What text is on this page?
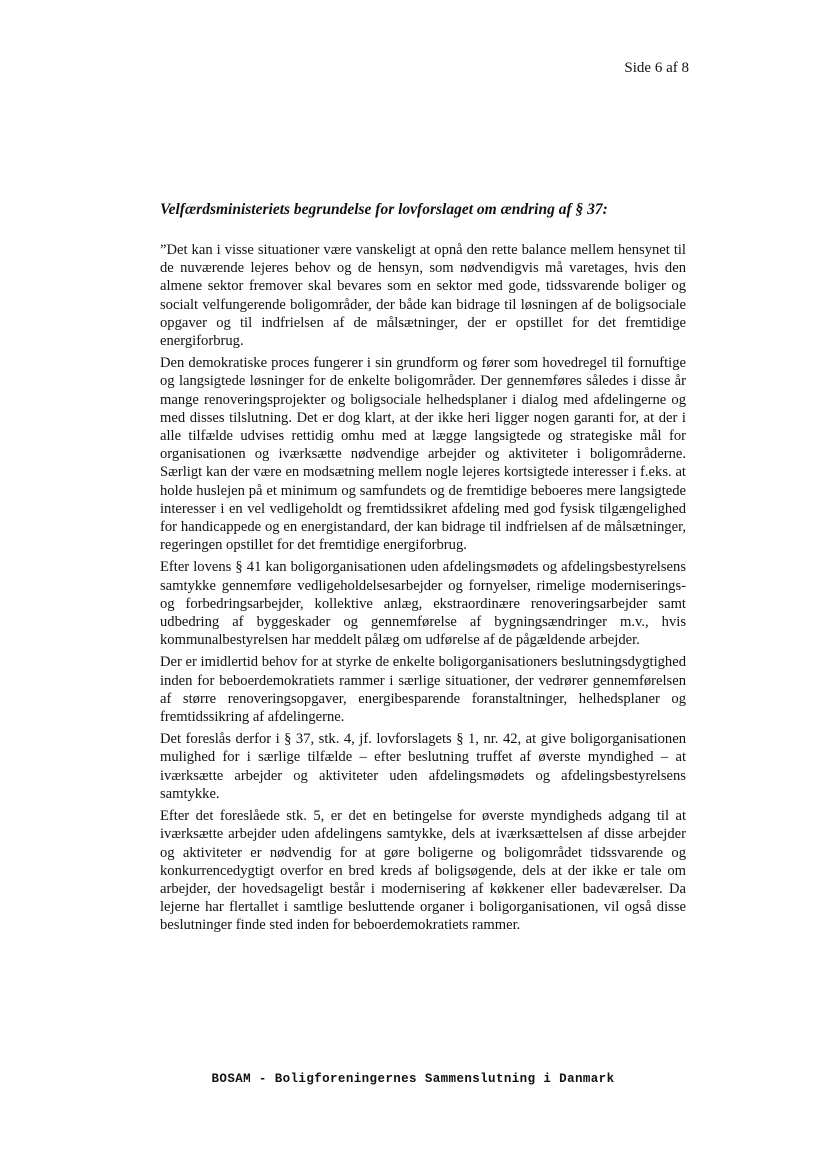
Side 6 af 8
Velfærdsministeriets begrundelse for lovforslaget om ændring af § 37:

”Det kan i visse situationer være vanskeligt at opnå den rette balance mellem hensynet til de nuværende lejeres behov og de hensyn, som nødvendigvis må varetages, hvis den almene sektor fremover skal bevares som en sektor med gode, tidssvarende boliger og socialt velfungerende boligområder, der både kan bidrage til løsningen af de boligsociale opgaver og til indfrielsen af de målsætninger, der er opstillet for det fremtidige energiforbrug.

Den demokratiske proces fungerer i sin grundform og fører som hovedregel til fornuftige og langsigtede løsninger for de enkelte boligområder. Der gennemføres således i disse år mange renoveringsprojekter og boligsociale helhedsplaner i dialog med afdelingerne og med disses tilslutning. Det er dog klart, at der ikke heri ligger nogen garanti for, at der i alle tilfælde udvises rettidig omhu med at lægge langsigtede og strategiske mål for organisationen og iværksætte nødvendige arbejder og aktiviteter i boligområderne. Særligt kan der være en modsætning mellem nogle lejeres kortsigtede interesser i f.eks. at holde huslejen på et minimum og samfundets og de fremtidige beboeres mere langsigtede interesser i en vel vedligeholdt og fremtidssikret afdeling med god fysisk tilgængelighed for handicappede og en energistandard, der kan bidrage til indfrielsen af de målsætninger, regeringen opstillet for det fremtidige energiforbrug.

Efter lovens § 41 kan boligorganisationen uden afdelingsmødets og afdelingsbestyrelsens samtykke gennemføre vedligeholdelsesarbejder og fornyelser, rimelige moderniserings- og forbedringsarbejder, kollektive anlæg, ekstraordinære renoveringsarbejder samt udbedring af byggeskader og gennemførelse af bygningsændringer m.v., hvis kommunalbestyrelsen har meddelt pålæg om udførelse af de pågældende arbejder.

Der er imidlertid behov for at styrke de enkelte boligorganisationers beslutningsdygtighed inden for beboerdemokratiets rammer i særlige situationer, der vedrører gennemførelsen af større renoveringsopgaver, energibesparende foranstaltninger, helhedsplaner og fremtidssikring af afdelingerne.

Det foreslås derfor i § 37, stk. 4, jf. lovforslagets § 1, nr. 42, at give boligorganisationen mulighed for i særlige tilfælde – efter beslutning truffet af øverste myndighed – at iværksætte arbejder og aktiviteter uden afdelingsmødets og afdelingsbestyrelsens samtykke.

Efter det foreslåede stk. 5, er det en betingelse for øverste myndigheds adgang til at iværksætte arbejder uden afdelingens samtykke, dels at iværksættelsen af disse arbejder og aktiviteter er nødvendig for at gøre boligerne og boligområdet tidssvarende og konkurrencedygtigt overfor en bred kreds af boligsøgende, dels at der ikke er tale om arbejder, der hovedsageligt består i modernisering af køkkener eller badeværelser. Da lejerne har flertallet i samtlige besluttende organer i boligorganisationen, vil også disse beslutninger finde sted inden for beboerdemokratiets rammer.

BOSAM - Boligforeningernes Sammenslutning i Danmark
